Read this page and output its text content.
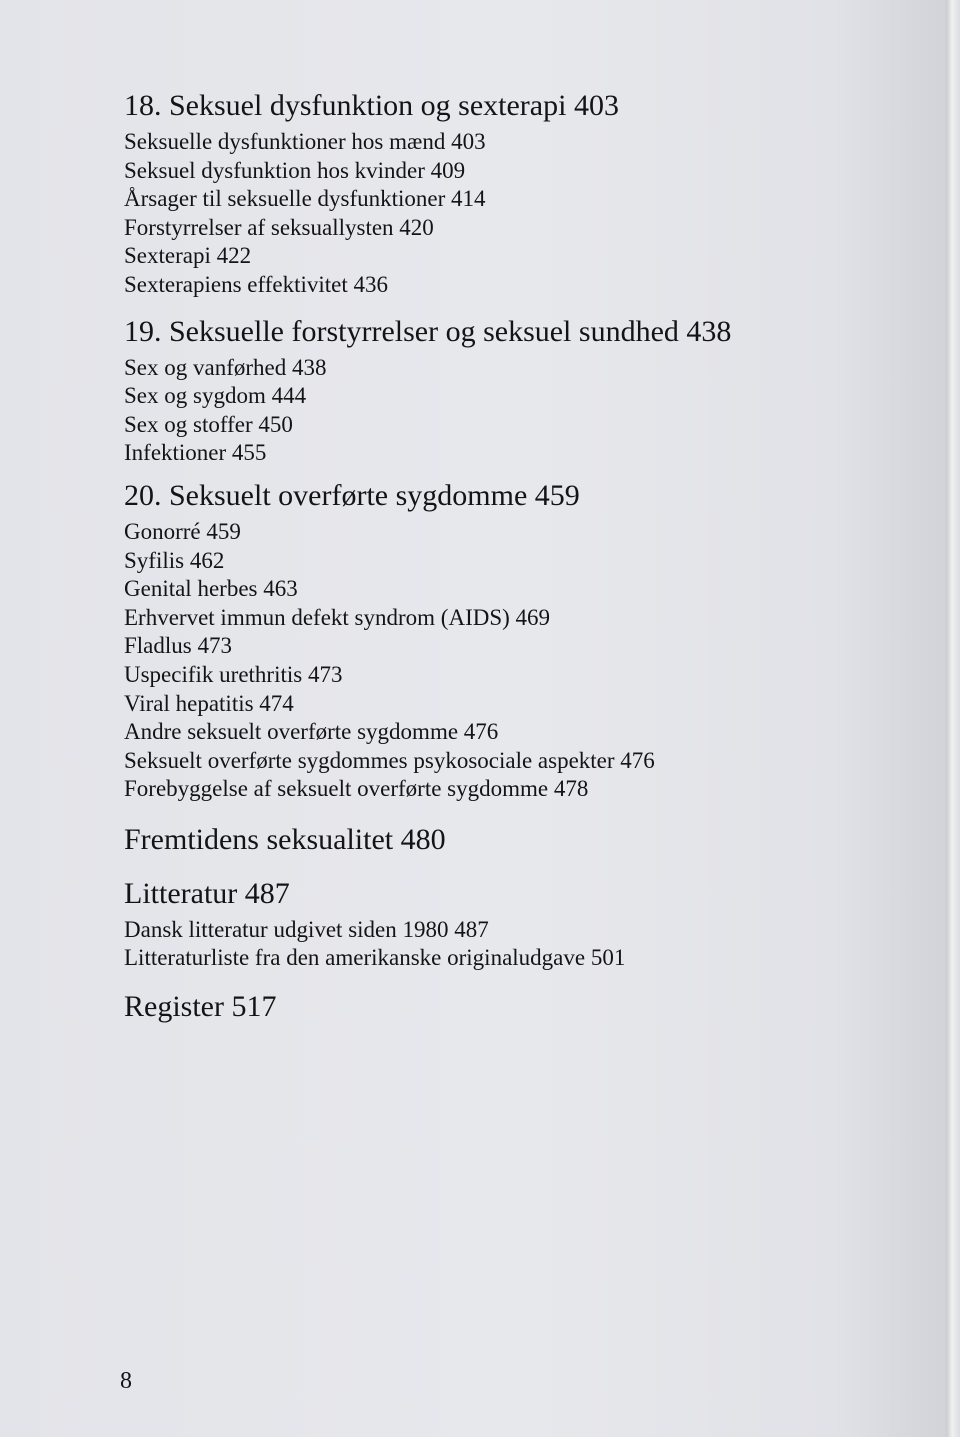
18. Seksuel dysfunktion og sexterapi 403
Seksuelle dysfunktioner hos mænd 403
Seksuel dysfunktion hos kvinder 409
Årsager til seksuelle dysfunktioner 414
Forstyrrelser af seksuallysten 420
Sexterapi 422
Sexterapiens effektivitet 436
19. Seksuelle forstyrrelser og seksuel sundhed 438
Sex og vanførhed 438
Sex og sygdom 444
Sex og stoffer 450
Infektioner 455
20. Seksuelt overførte sygdomme 459
Gonorré 459
Syfilis 462
Genital herbes 463
Erhvervet immun defekt syndrom (AIDS) 469
Fladlus 473
Uspecifik urethritis 473
Viral hepatitis 474
Andre seksuelt overførte sygdomme 476
Seksuelt overførte sygdommes psykosociale aspekter 476
Forebyggelse af seksuelt overførte sygdomme 478
Fremtidens seksualitet 480
Litteratur 487
Dansk litteratur udgivet siden 1980 487
Litteraturliste fra den amerikanske originaludgave 501
Register 517
8
